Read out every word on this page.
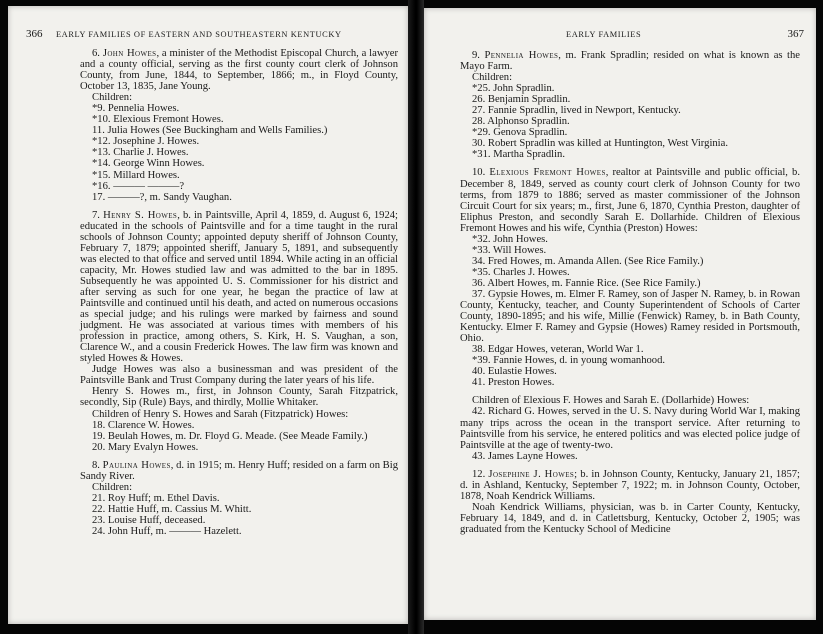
366 EARLY FAMILIES OF EASTERN AND SOUTHEASTERN KENTUCKY

6. John Howes, a minister of the Methodist Episcopal Church, a lawyer and a county official, serving as the first county court clerk of Johnson County, from June, 1844, to September, 1866; m., in Floyd County, October 13, 1835, Jane Young.

Children:
*9. Pennelia Howes.
*10. Elexious Fremont Howes.
11. Julia Howes (See Buckingham and Wells Families.)
*12. Josephine J. Howes.
*13. Charlie J. Howes.
*14. George Winn Howes.
*15. Millard Howes.
*16. ——— ———?
17. ———?, m. Sandy Vaughan.

7. Henry S. Howes, b. in Paintsville, April 4, 1859, d. August 6, 1924; educated in the schools of Paintsville and for a time taught in the rural schools of Johnson County; appointed deputy sheriff of Johnson County, February 7, 1879; appointed sheriff, January 5, 1891, and subsequently was elected to that office and served until 1894. While acting in an official capacity, Mr. Howes studied law and was admitted to the bar in 1895. Subsequently he was appointed U. S. Commissioner for his district and after serving as such for one year, he began the practice of law at Paintsville and continued until his death, and acted on numerous occasions as special judge; and his rulings were marked by fairness and sound judgment. He was associated at various times with members of his profession in practice, among others, S. Kirk, H. S. Vaughan, a son, Clarence W., and a cousin Frederick Howes. The law firm was known and styled Howes & Howes.

Judge Howes was also a businessman and was president of the Paintsville Bank and Trust Company during the later years of his life.

Henry S. Howes m., first, in Johnson County, Sarah Fitzpatrick, secondly, Sip (Rule) Bays, and thirdly, Mollie Whitaker.

Children of Henry S. Howes and Sarah (Fitzpatrick) Howes:
18. Clarence W. Howes.
19. Beulah Howes, m. Dr. Floyd G. Meade. (See Meade Family.)
20. Mary Evalyn Howes.

8. Paulina Howes, d. in 1915; m. Henry Huff; resided on a farm on Big Sandy River.

Children:
21. Roy Huff; m. Ethel Davis.
22. Hattie Huff, m. Cassius M. Whitt.
23. Louise Huff, deceased.
24. John Huff, m. ——— Hazelett.
EARLY FAMILIES	367

9. Pennelia Howes, m. Frank Spradlin; resided on what is known as the Mayo Farm.

Children:
*25. John Spradlin.
26. Benjamin Spradlin.
27. Fannie Spradlin, lived in Newport, Kentucky.
28. Alphonso Spradlin.
*29. Genova Spradlin.
30. Robert Spradlin was killed at Huntington, West Virginia.
*31. Martha Spradlin.

10. Elexious Fremont Howes, realtor at Paintsville and public official, b. December 8, 1849, served as county court clerk of Johnson County for two terms, from 1879 to 1886; served as master commissioner of the Johnson Circuit Court for six years; m., first, June 6, 1870, Cynthia Preston, daughter of Eliphus Preston, and secondly Sarah E. Dollarhide. Children of Elexious Fremont Howes and his wife, Cynthia (Preston) Howes:

*32. John Howes.
*33. Will Howes.
34. Fred Howes, m. Amanda Allen. (See Rice Family.)
*35. Charles J. Howes.
36. Albert Howes, m. Fannie Rice. (See Rice Family.)

37. Gypsie Howes, m. Elmer F. Ramey, son of Jasper N. Ramey, b. in Rowan County, Kentucky, teacher, and County Superintendent of Schools of Carter County, 1890-1895; and his wife, Millie (Fenwick) Ramey, b. in Bath County, Kentucky. Elmer F. Ramey and Gypsie (Howes) Ramey resided in Portsmouth, Ohio.

38. Edgar Howes, veteran, World War 1.
*39. Fannie Howes, d. in young womanhood.
40. Eulastie Howes.
41. Preston Howes.

Children of Elexious F. Howes and Sarah E. (Dollarhide) Howes:

42. Richard G. Howes, served in the U. S. Navy during World War I, making many trips across the ocean in the transport service. After returning to Paintsville from his service, he entered politics and was elected police judge of Paintsville at the age of twenty-two.

43. James Layne Howes.

12. Josephine J. Howes; b. in Johnson County, Kentucky, January 21, 1857; d. in Ashland, Kentucky, September 7, 1922; m. in Johnson County, October, 1878, Noah Kendrick Williams.

Noah Kendrick Williams, physician, was b. in Carter County, Kentucky, February 14, 1849, and d. in Catlettsburg, Kentucky, October 2, 1905; was graduated from the Kentucky School of Medicine
